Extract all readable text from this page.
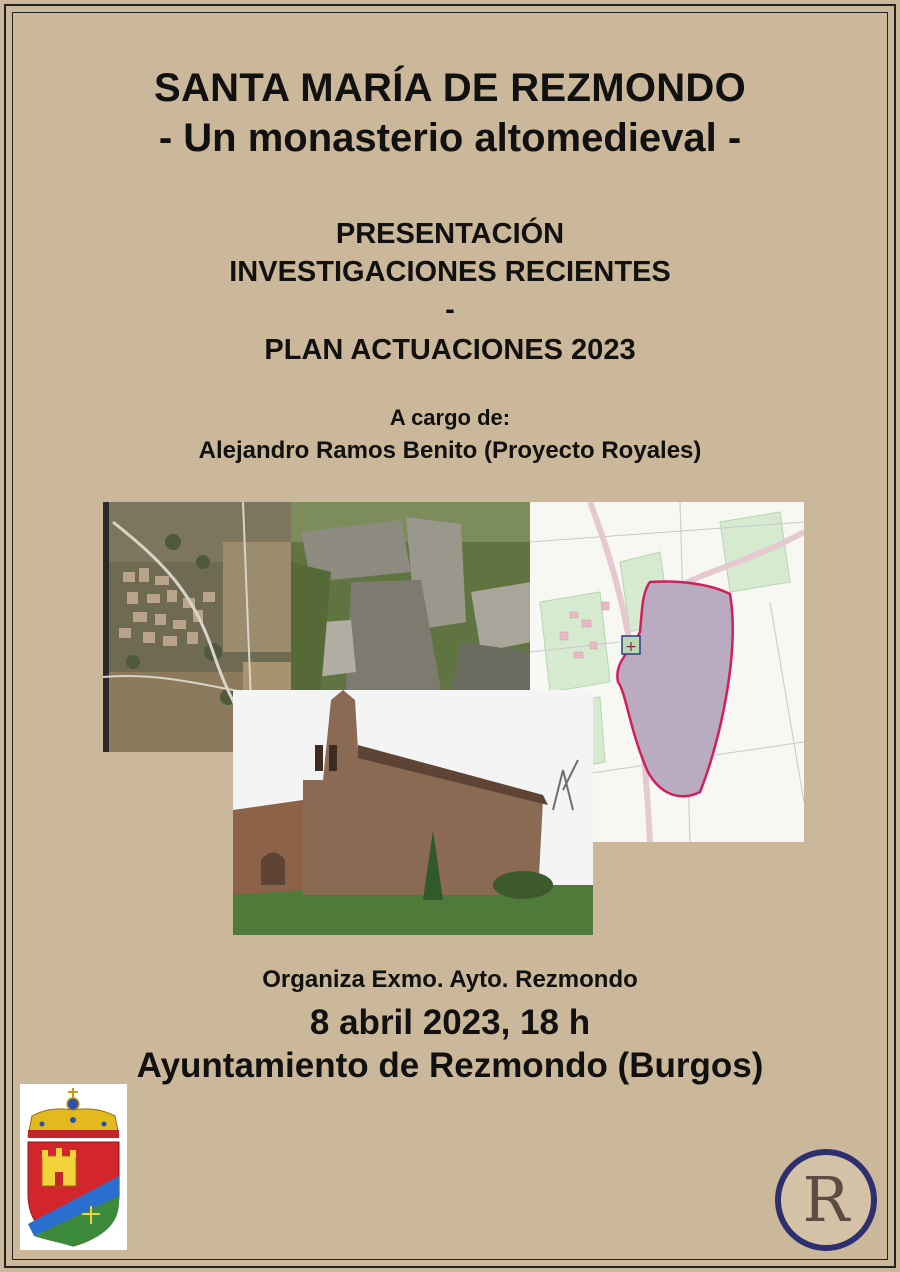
SANTA MARÍA DE REZMONDO
- Un monasterio altomedieval -
PRESENTACIÓN
INVESTIGACIONES RECIENTES
-
PLAN ACTUACIONES 2023
A cargo de:
Alejandro Ramos Benito (Proyecto Royales)
+
Organiza Exmo. Ayto. Rezmondo
8 abril 2023, 18 h
Ayuntamiento de Rezmondo (Burgos)
R
